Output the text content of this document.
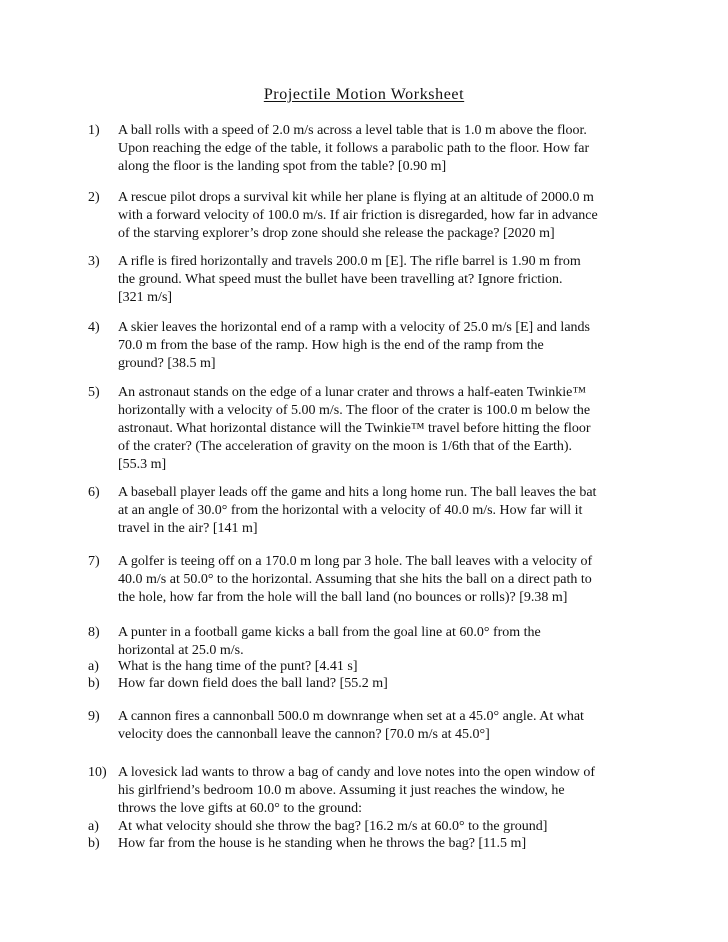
Projectile Motion Worksheet
1) A ball rolls with a speed of 2.0 m/s across a level table that is 1.0 m above the floor.
Upon reaching the edge of the table, it follows a parabolic path to the floor. How far
along the floor is the landing spot from the table? [0.90 m]
2) A rescue pilot drops a survival kit while her plane is flying at an altitude of 2000.0 m
with a forward velocity of 100.0 m/s. If air friction is disregarded, how far in advance
of the starving explorer’s drop zone should she release the package? [2020 m]
3) A rifle is fired horizontally and travels 200.0 m [E]. The rifle barrel is 1.90 m from
the ground. What speed must the bullet have been travelling at? Ignore friction.
[321 m/s]
4) A skier leaves the horizontal end of a ramp with a velocity of 25.0 m/s [E] and lands
70.0 m from the base of the ramp. How high is the end of the ramp from the
ground? [38.5 m]
5) An astronaut stands on the edge of a lunar crater and throws a half-eaten Twinkie™
horizontally with a velocity of 5.00 m/s. The floor of the crater is 100.0 m below the
astronaut. What horizontal distance will the Twinkie™ travel before hitting the floor
of the crater? (The acceleration of gravity on the moon is 1/6th that of the Earth).
[55.3 m]
6) A baseball player leads off the game and hits a long home run. The ball leaves the bat
at an angle of 30.0° from the horizontal with a velocity of 40.0 m/s. How far will it
travel in the air? [141 m]
7) A golfer is teeing off on a 170.0 m long par 3 hole. The ball leaves with a velocity of
40.0 m/s at 50.0° to the horizontal. Assuming that she hits the ball on a direct path to
the hole, how far from the hole will the ball land (no bounces or rolls)? [9.38 m]
8) A punter in a football game kicks a ball from the goal line at 60.0° from the
horizontal at 25.0 m/s.
a) What is the hang time of the punt? [4.41 s]
b) How far down field does the ball land? [55.2 m]
9) A cannon fires a cannonball 500.0 m downrange when set at a 45.0° angle. At what
velocity does the cannonball leave the cannon? [70.0 m/s at 45.0°]
10) A lovesick lad wants to throw a bag of candy and love notes into the open window of
his girlfriend’s bedroom 10.0 m above. Assuming it just reaches the window, he
throws the love gifts at 60.0° to the ground:
a) At what velocity should she throw the bag? [16.2 m/s at 60.0° to the ground]
b) How far from the house is he standing when he throws the bag? [11.5 m]
